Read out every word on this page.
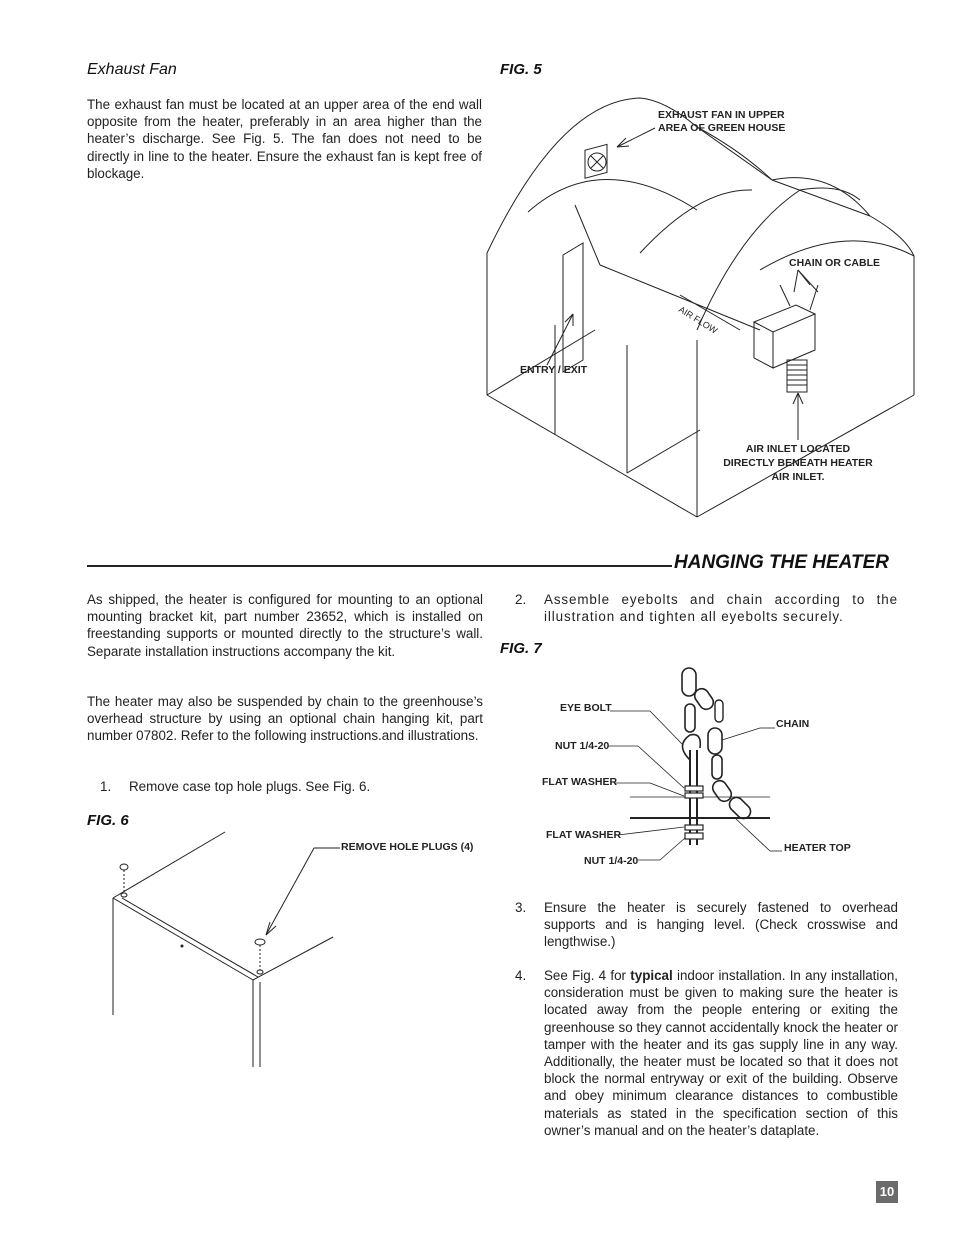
Exhaust Fan
The exhaust fan must be located at an upper area of the end wall opposite from the heater, preferably in an area higher than the heater’s discharge. See Fig. 5. The fan does not need to be directly in line to the heater. Ensure the exhaust fan is kept free of blockage.
FIG. 5
EXHAUST FAN IN UPPER
AREA OF GREEN HOUSE
CHAIN OR CABLE
AIR FLOW
ENTRY / EXIT
AIR INLET LOCATED
DIRECTLY BENEATH HEATER
AIR INLET.
HANGING THE HEATER
As shipped, the heater is configured for mounting to an optional mounting bracket kit, part number 23652, which is installed on freestanding supports or mounted directly to the structure’s wall. Separate installation instructions accompany the kit.
The heater may also be suspended by chain to the greenhouse’s overhead structure by using an optional chain hanging kit, part number 07802. Refer to the following instructions.and illustrations.
1. Remove case top hole plugs. See Fig. 6.
FIG. 6
REMOVE HOLE PLUGS (4)
2. Assemble eyebolts and chain according to the illustration and tighten all eyebolts securely.
FIG. 7
EYE BOLT
NUT 1/4-20
FLAT WASHER
FLAT WASHER
NUT 1/4-20
CHAIN
HEATER TOP
3. Ensure the heater is securely fastened to overhead supports and is hanging level. (Check crosswise and lengthwise.)
4. See Fig. 4 for typical indoor installation. In any installation, consideration must be given to making sure the heater is located away from the people entering or exiting the greenhouse so they cannot accidentally knock the heater or tamper with the heater and its gas supply line in any way. Additionally, the heater must be located so that it does not block the normal entryway or exit of the building. Observe and obey minimum clearance distances to combustible materials as stated in the specification section of this owner’s manual and on the heater’s dataplate.
10
